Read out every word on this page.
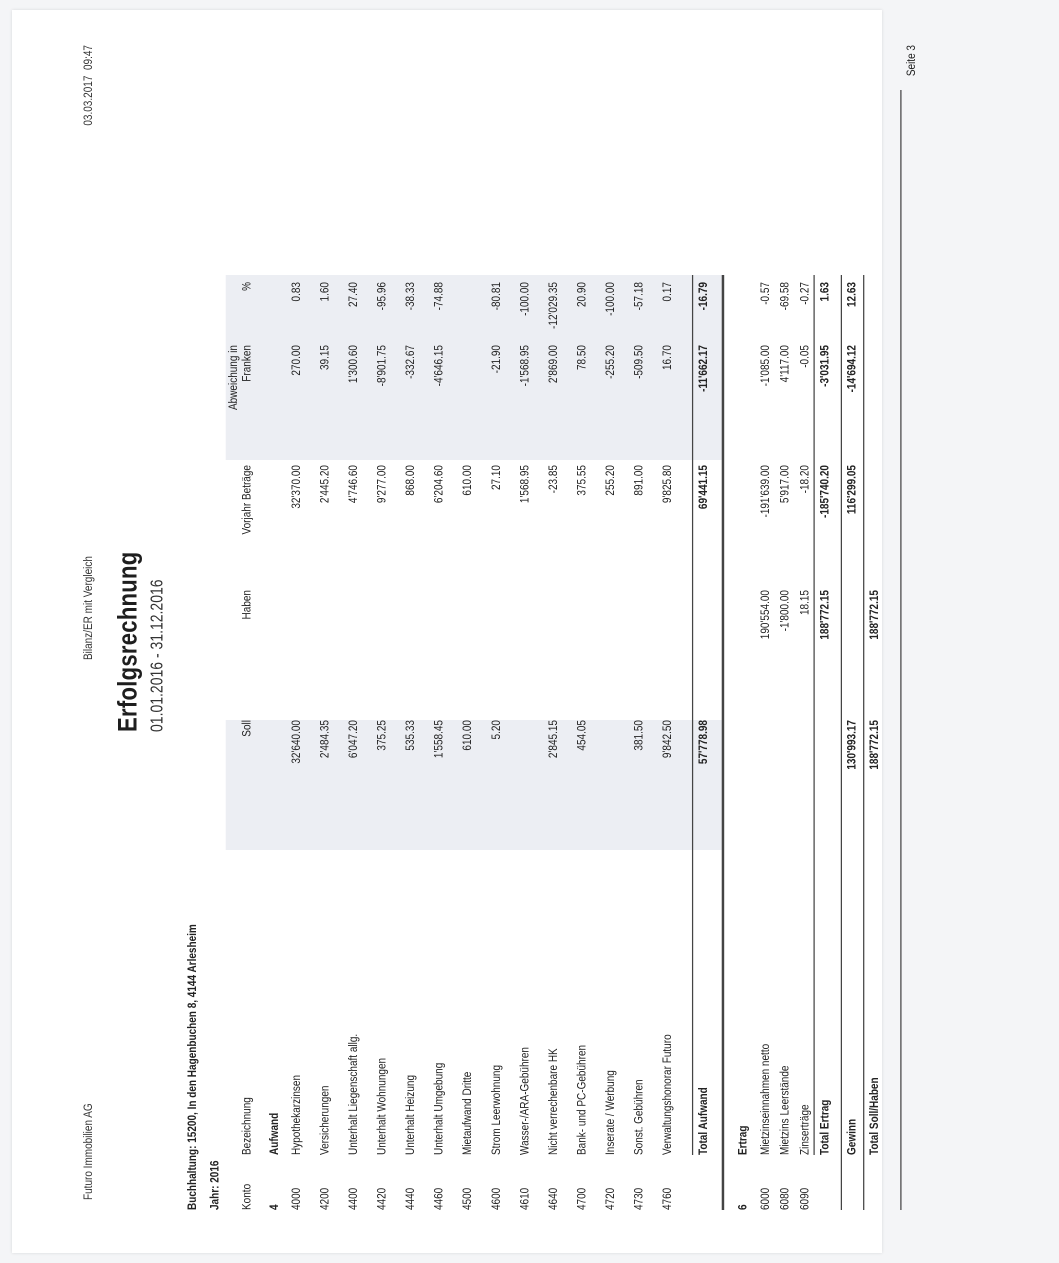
Futuro Immobilien AG
Bilanz/ER mit Vergleich
03.03.2017  09:47
Erfolgsrechnung 01.01.2016 - 31.12.2016
Buchhaltung: 15200, In den Hagenbuchen 8, 4144 Arlesheim Jahr: 2016 Konto
Bezeichnung
Soll
Haben
Vorjahr Beträge
Abweichung in Franken
%
4
Aufwand
4000
Hypothekarzinsen
32'640.00
32'370.00
270.00
0.83
4200
Versicherungen
2'484.35
2'445.20
39.15
1.60
4400
Unterhalt Liegenschaft allg.
6'047.20
4'746.60
1'300.60
27.40
4420
Unterhalt Wohnungen
375.25
9'277.00
-8'901.75
-95.96
4440
Unterhalt Heizung
535.33
868.00
-332.67
-38.33
4460
Unterhalt Umgebung
1'558.45
6'204.60
-4'646.15
-74.88
4500
Mietaufwand Dritte
610.00
610.00
4600
Strom Leerwohnung
5.20
27.10
-21.90
-80.81
4610
Wasser-/ARA-Gebühren
1'568.95
-1'568.95
-100.00
4640
Nicht verrechenbare HK
2'845.15
-23.85
2'869.00
-12'029.35
4700
Bank- und PC-Gebühren
454.05
375.55
78.50
20.90
4720
Inserate / Werbung
255.20
-255.20
-100.00
4730
Sonst. Gebühren
381.50
891.00
-509.50
-57.18
4760
Verwaltungshonorar Futuro
9'842.50
9'825.80
16.70
0.17
Total Aufwand
57'778.98
69'441.15
-11'662.17
-16.79
6
Ertrag
6000
Mietzinseinnahmen netto
190'554.00
-191'639.00
-1'085.00
-0.57
6080
Mietzins Leerstände
-1'800.00
5'917.00
4'117.00
-69.58
6090
Zinserträge
18.15
-18.20
-0.05
-0.27
Total Ertrag
188'772.15
-185'740.20
-3'031.95
1.63
Gewinn
130'993.17
116'299.05
-14'694.12
12.63
Total Soll/Haben
188'772.15
188'772.15
Seite 3
